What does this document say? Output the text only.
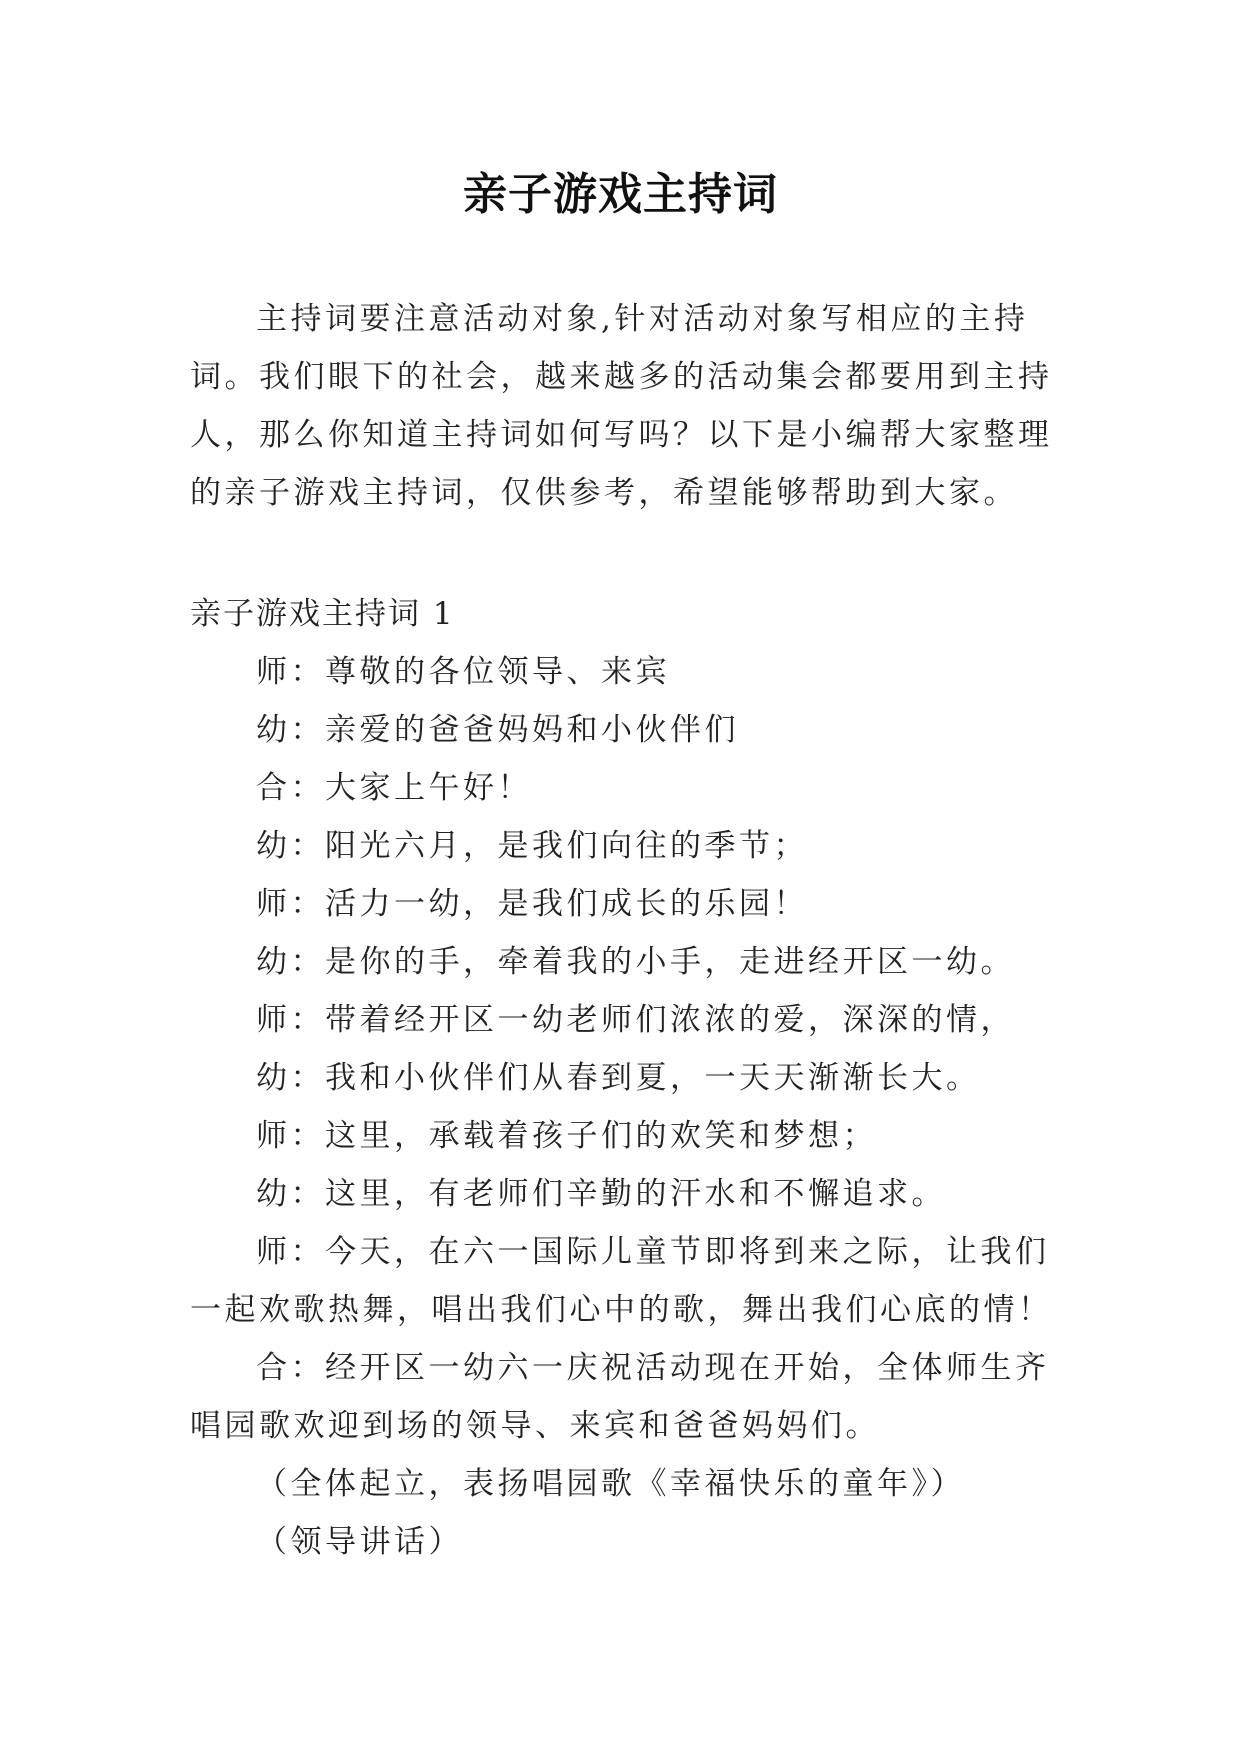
亲子游戏主持词

主持词要注意活动对象,针对活动对象写相应的主持词。我们眼下的社会，越来越多的活动集会都要用到主持人，那么你知道主持词如何写吗？以下是小编帮大家整理的亲子游戏主持词，仅供参考，希望能够帮助到大家。

亲子游戏主持词 1

师：尊敬的各位领导、来宾

幼：亲爱的爸爸妈妈和小伙伴们

合：大家上午好！

幼：阳光六月，是我们向往的季节；

师：活力一幼，是我们成长的乐园！

幼：是你的手，牵着我的小手，走进经开区一幼。

师：带着经开区一幼老师们浓浓的爱，深深的情，

幼：我和小伙伴们从春到夏，一天天渐渐长大。

师：这里，承载着孩子们的欢笑和梦想；

幼：这里，有老师们辛勤的汗水和不懈追求。

师：今天，在六一国际儿童节即将到来之际，让我们一起欢歌热舞，唱出我们心中的歌，舞出我们心底的情！

合：经开区一幼六一庆祝活动现在开始，全体师生齐唱园歌欢迎到场的领导、来宾和爸爸妈妈们。

（全体起立，表扬唱园歌《幸福快乐的童年》）

（领导讲话）
